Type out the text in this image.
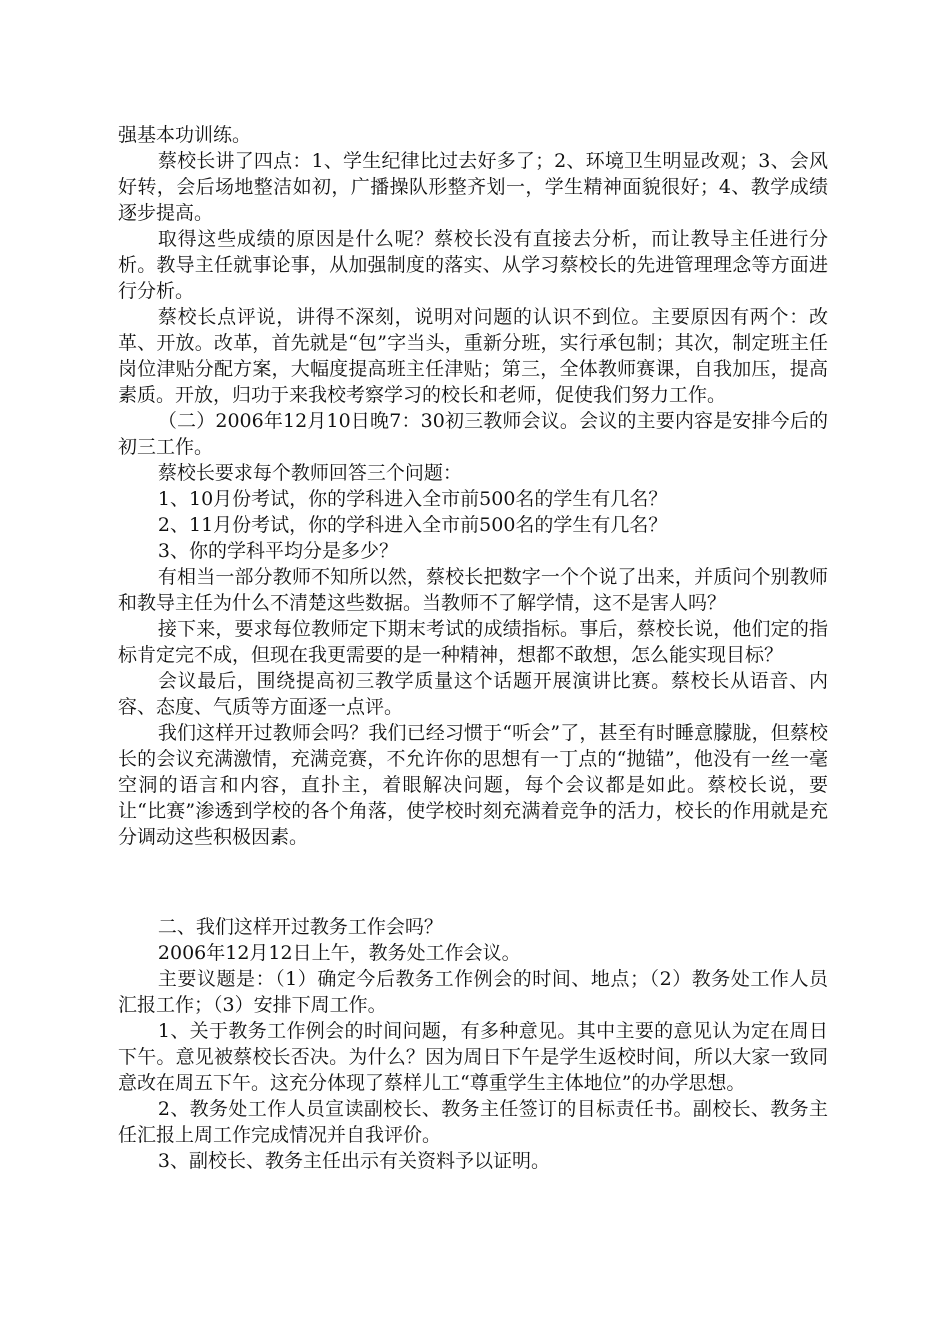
强基本功训练。

蔡校长讲了四点：1、学生纪律比过去好多了；2、环境卫生明显改观；3、会风好转，会后场地整洁如初，广播操队形整齐划一，学生精神面貌很好；4、教学成绩逐步提高。

取得这些成绩的原因是什么呢？蔡校长没有直接去分析，而让教导主任进行分析。教导主任就事论事，从加强制度的落实、从学习蔡校长的先进管理理念等方面进行分析。

蔡校长点评说，讲得不深刻，说明对问题的认识不到位。主要原因有两个：改革、开放。改革，首先就是“包”字当头，重新分班，实行承包制；其次，制定班主任岗位津贴分配方案，大幅度提高班主任津贴；第三，全体教师赛课，自我加压，提高素质。开放，归功于来我校考察学习的校长和老师，促使我们努力工作。

（二）2006年12月10日晚7：30初三教师会议。会议的主要内容是安排今后的初三工作。

蔡校长要求每个教师回答三个问题：

1、10月份考试，你的学科进入全市前500名的学生有几名？

2、11月份考试，你的学科进入全市前500名的学生有几名？

3、你的学科平均分是多少？

有相当一部分教师不知所以然，蔡校长把数字一个个说了出来，并质问个别教师和教导主任为什么不清楚这些数据。当教师不了解学情，这不是害人吗？

接下来，要求每位教师定下期末考试的成绩指标。事后，蔡校长说，他们定的指标肯定完不成，但现在我更需要的是一种精神，想都不敢想，怎么能实现目标？

会议最后，围绕提高初三教学质量这个话题开展演讲比赛。蔡校长从语音、内容、态度、气质等方面逐一点评。

我们这样开过教师会吗？我们已经习惯于“听会”了，甚至有时睡意朦胧，但蔡校长的会议充满激情，充满竞赛，不允许你的思想有一丁点的“抛锚”，他没有一丝一毫空洞的语言和内容，直扑主，着眼解决问题，每个会议都是如此。蔡校长说，要让“比赛”渗透到学校的各个角落，使学校时刻充满着竞争的活力，校长的作用就是充分调动这些积极因素。

二、我们这样开过教务工作会吗？

2006年12月12日上午，教务处工作会议。

主要议题是：（1）确定今后教务工作例会的时间、地点；（2）教务处工作人员汇报工作；（3）安排下周工作。

1、关于教务工作例会的时间问题，有多种意见。其中主要的意见认为定在周日下午。意见被蔡校长否决。为什么？因为周日下午是学生返校时间，所以大家一致同意改在周五下午。这充分体现了蔡样儿工“尊重学生主体地位”的办学思想。

2、教务处工作人员宣读副校长、教务主任签订的目标责任书。副校长、教务主任汇报上周工作完成情况并自我评价。

3、副校长、教务主任出示有关资料予以证明。
